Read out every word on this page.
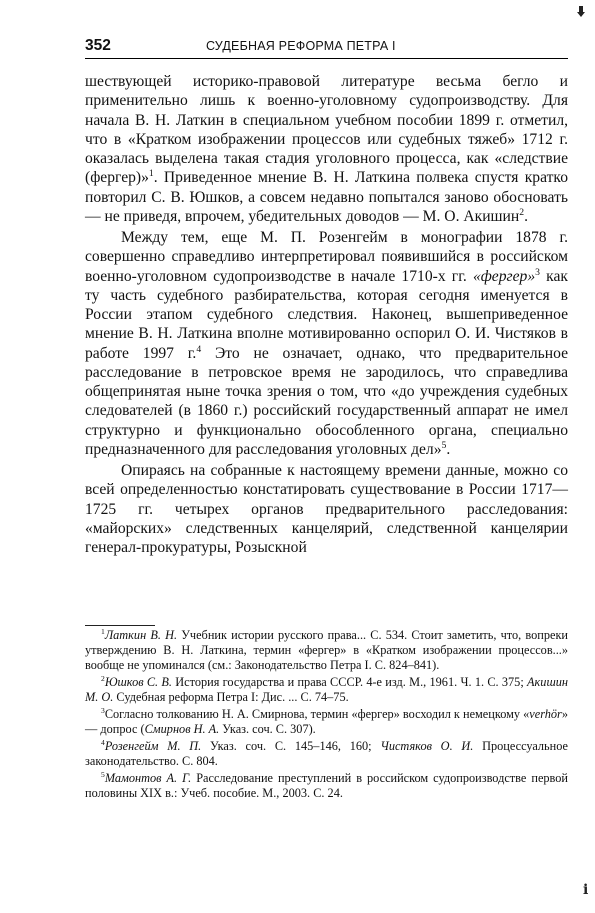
352	СУДЕБНАЯ РЕФОРМА ПЕТРА I

шествующей историко-правовой литературе весьма бегло и применительно лишь к военно-уголовному судопроизводству. Для начала В. Н. Латкин в специальном учебном пособии 1899 г. отметил, что в «Кратком изображении процессов или судебных тяжеб» 1712 г. оказалась выделена такая стадия уголовного процесса, как «следствие (фергер)»$^1$. Приведенное мнение В. Н. Латкина полвека спустя кратко повторил С. В. Юшков, а совсем недавно попытался заново обосновать — не приведя, впрочем, убедительных доводов — М. О. Акишин$^2$.

Между тем, еще М. П. Розенгейм в монографии 1878 г. совершенно справедливо интерпретировал появившийся в российском военно-уголовном судопроизводстве в начале 1710-х гг. «фергер»$^3$ как ту часть судебного разбирательства, которая сегодня именуется в России этапом судебного следствия. Наконец, вышеприведенное мнение В. Н. Латкина вполне мотивированно оспорил О. И. Чистяков в работе 1997 г.$^4$ Это не означает, однако, что предварительное расследование в петровское время не зародилось, что справедлива общепринятая ныне точка зрения о том, что «до учреждения судебных следователей (в 1860 г.) российский государственный аппарат не имел структурно и функционально обособленного органа, специально предназначенного для расследования уголовных дел»$^5$.

Опираясь на собранные к настоящему времени данные, можно со всей определенностью констатировать существование в России 1717—1725 гг. четырех органов предварительного расследования: «майорских» следственных канцелярий, следственной канцелярии генерал-прокуратуры, Розыскной

$^1$Латкин В. Н. Учебник истории русского права... С. 534. Стоит заметить, что, вопреки утверждению В. Н. Латкина, термин «фергер» в «Кратком изображении процессов...» вообще не упоминался (см.: Законодательство Петра I. С. 824–841).

$^2$Юшков С. В. История государства и права СССР. 4-е изд. М., 1961. Ч. 1. С. 375; Акишин М. О. Судебная реформа Петра I: Дис. ... С. 74–75.

$^3$Согласно толкованию Н. А. Смирнова, термин «фергер» восходил к немецкому «verhör» — допрос (Смирнов Н. А. Указ. соч. С. 307).

$^4$Розенгейм М. П. Указ. соч. С. 145–146, 160; Чистяков О. И. Процессуальное законодательство. С. 804.

$^5$Мамонтов А. Г. Расследование преступлений в российском судопроизводстве первой половины XIX в.: Учеб. пособие. М., 2003. С. 24.

i
